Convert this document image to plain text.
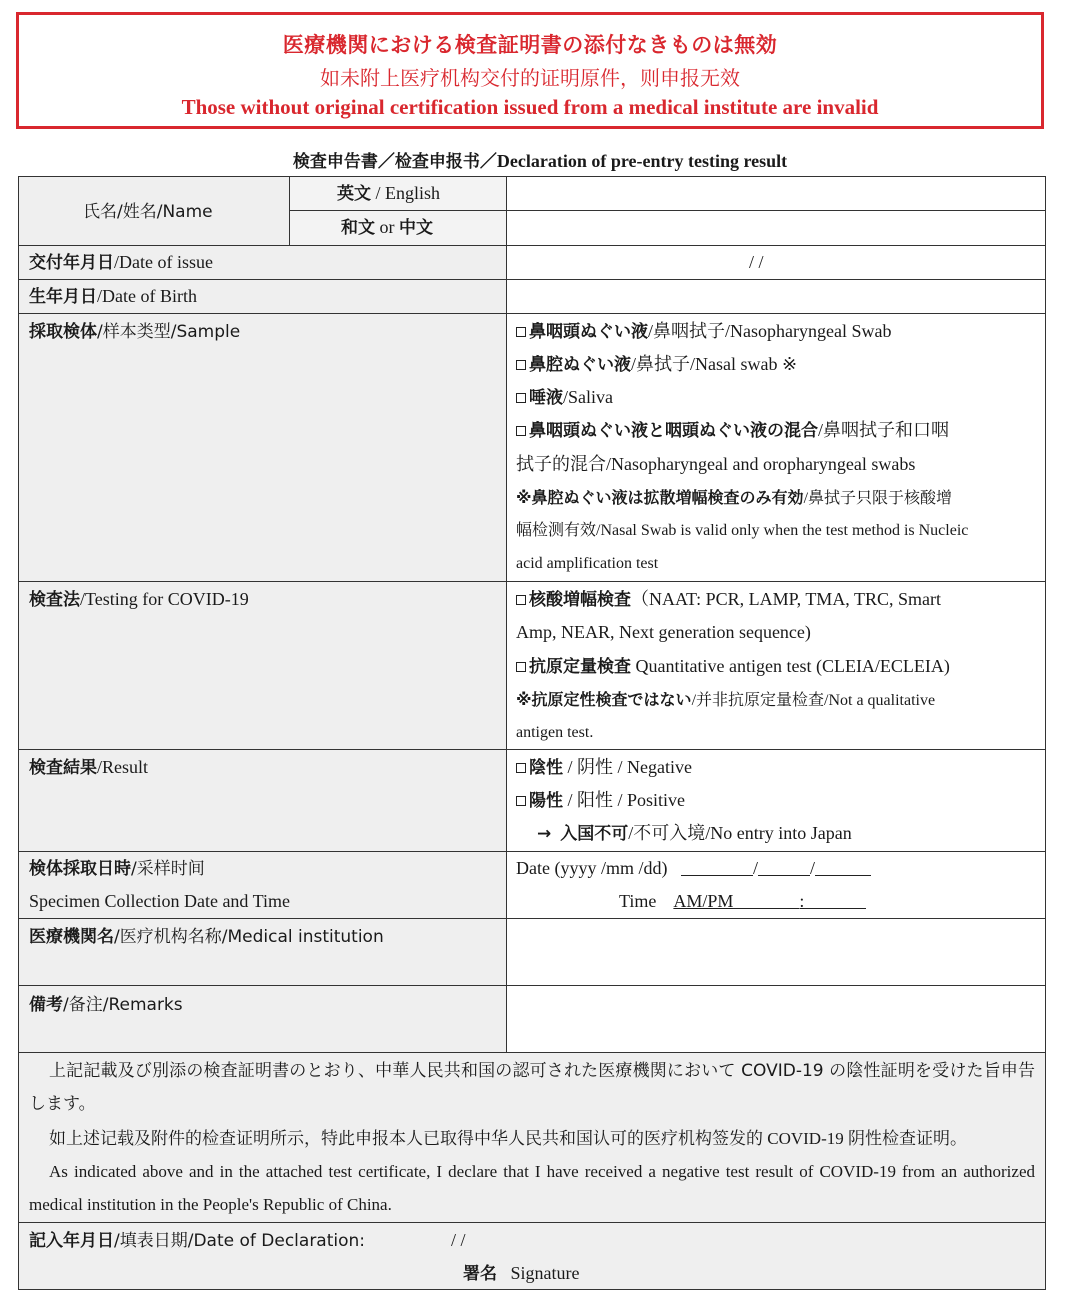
医療機関における検査証明書の添付なきものは無効
如未附上医疗机构交付的证明原件，则申报无效
Those without original certification issued from a medical institute are invalid
検査申告書／检查申报书／Declaration of pre-entry testing result
氏名/姓名/Name
英文 / English
和文 or 中文
交付年月日/Date of issue	/ /
生年月日/Date of Birth
採取検体/样本类型/Sample	鼻咽頭ぬぐい液/鼻咽拭子/Nasopharyngeal Swab
鼻腔ぬぐい液/鼻拭子/Nasal swab ※
唾液/Saliva
鼻咽頭ぬぐい液と咽頭ぬぐい液の混合/鼻咽拭子和口咽
拭子的混合/Nasopharyngeal and oropharyngeal swabs
※鼻腔ぬぐい液は拡散増幅検査のみ有効/鼻拭子只限于核酸增
幅检测有效/Nasal Swab is valid only when the test method is Nucleic
acid amplification test
検査法/Testing for COVID-19	核酸増幅検査（NAAT: PCR, LAMP, TMA, TRC, Smart
Amp, NEAR, Next generation sequence)
抗原定量検査 Quantitative antigen test (CLEIA/ECLEIA)
※抗原定性検査ではない/并非抗原定量检查/Not a qualitative
antigen test.
検査結果/Result	陰性 / 阴性 / Negative
陽性 / 阳性 / Positive
→ 入国不可/不可入境/No entry into Japan
検体採取日時/采样时间
Specimen Collection Date and Time
Date (yyyy /mm /dd)	/	/
Time AM/PM	:
医療機関名/医疗机构名称/Medical institution
備考/备注/Remarks
上記記載及び別添の検査証明書のとおり、中華人民共和国の認可された医療機関において COVID-19 の陰性証明を受けた旨申告します。
如上述记载及附件的检查证明所示，特此申报本人已取得中华人民共和国认可的医疗机构签发的 COVID-19 阴性检查证明。
As indicated above and in the attached test certificate, I declare that I have received a negative test result of COVID-19 from an authorized medical institution in the People's Republic of China.
記入年月日/填表日期/Date of Declaration:	/ /
署名 Signature
